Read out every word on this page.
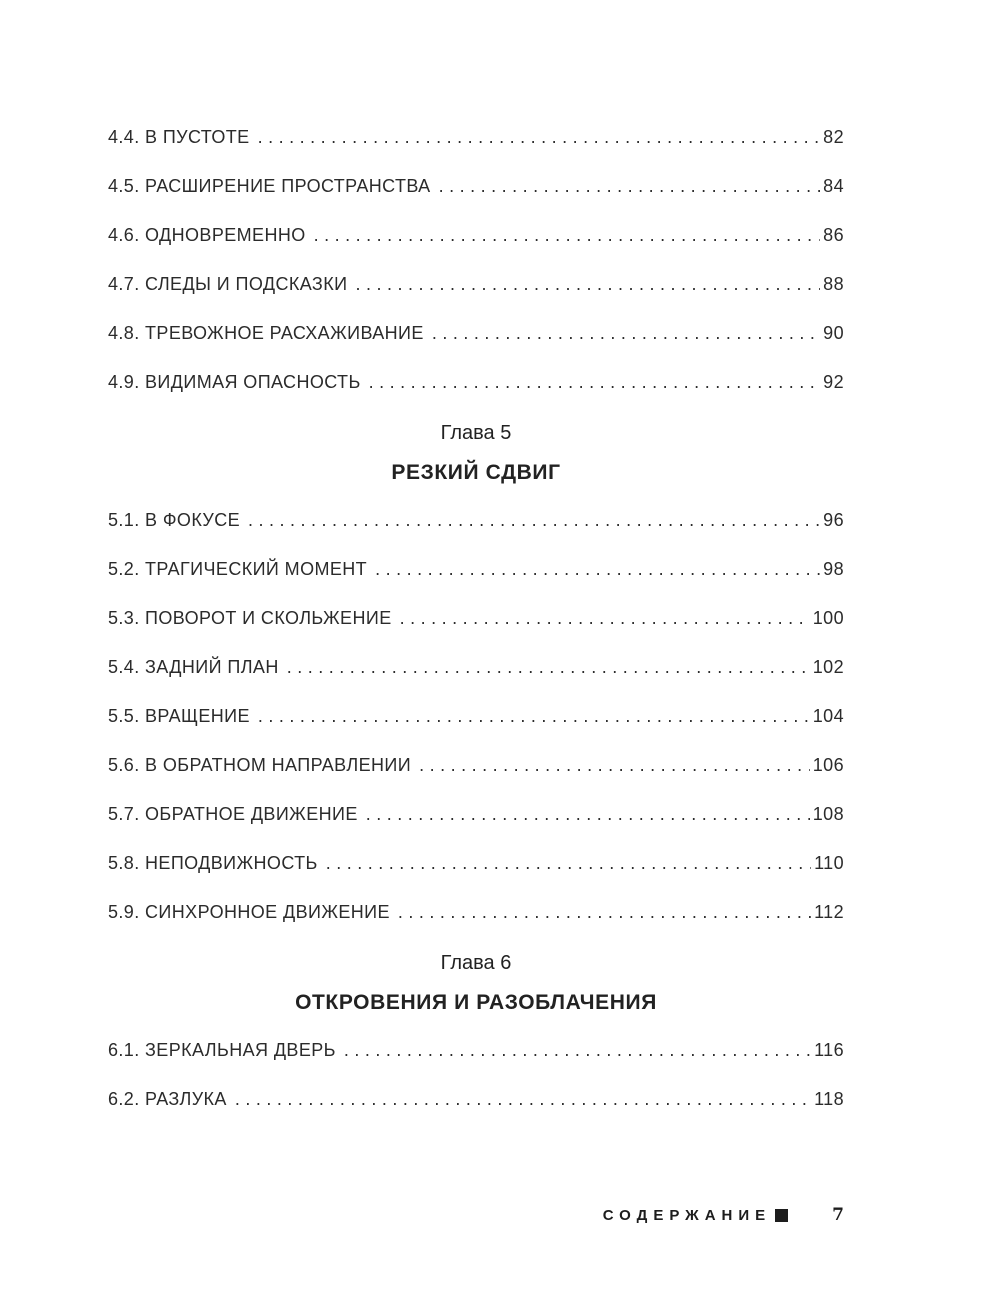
4.4. В ПУСТОТЕ .....	82
4.5. РАСШИРЕНИЕ ПРОСТРАНСТВА .....	84
4.6. ОДНОВРЕМЕННО .....	86
4.7. СЛЕДЫ И ПОДСКАЗКИ .....	88
4.8. ТРЕВОЖНОЕ РАСХАЖИВАНИЕ .....	90
4.9. ВИДИМАЯ ОПАСНОСТЬ .....	92
Глава 5
РЕЗКИЙ СДВИГ
5.1. В ФОКУСЕ .....	96
5.2. ТРАГИЧЕСКИЙ МОМЕНТ .....	98
5.3. ПОВОРОТ И СКОЛЬЖЕНИЕ .....	100
5.4. ЗАДНИЙ ПЛАН .....	102
5.5. ВРАЩЕНИЕ .....	104
5.6. В ОБРАТНОМ НАПРАВЛЕНИИ .....	106
5.7. ОБРАТНОЕ ДВИЖЕНИЕ .....	108
5.8. НЕПОДВИЖНОСТЬ .....	110
5.9. СИНХРОННОЕ ДВИЖЕНИЕ .....	112
Глава 6
ОТКРОВЕНИЯ И РАЗОБЛАЧЕНИЯ
6.1. ЗЕРКАЛЬНАЯ ДВЕРЬ .....	116
6.2. РАЗЛУКА .....	118
СОДЕРЖАНИЕ	7
